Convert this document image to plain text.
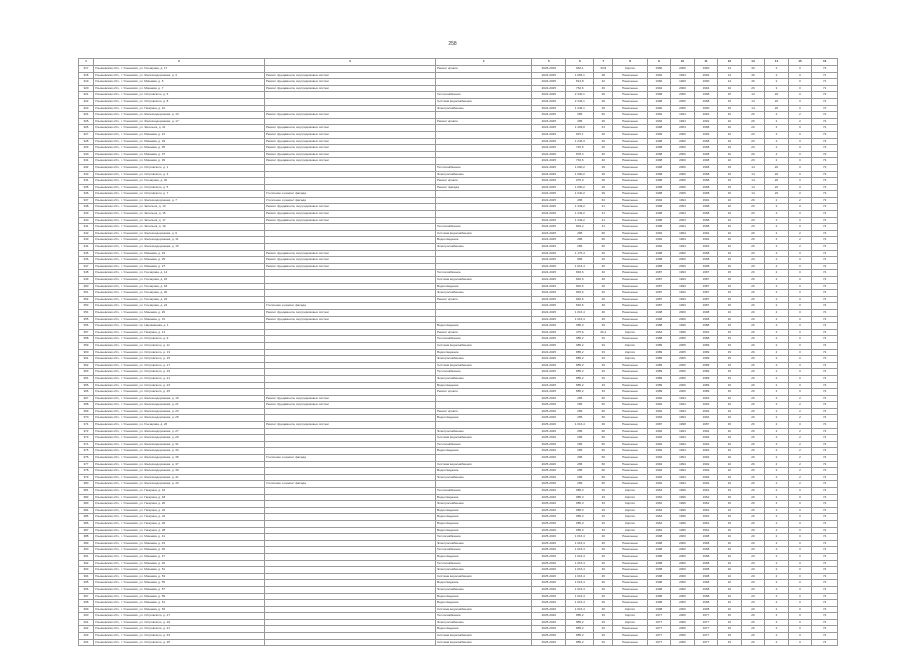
258
1	2	3	4	5	6	7	8	9	10	11	12	13	14	15	16
317	Ульяновская обл., г. Ульяновск, ул. Гончарова, д. 17		Ремонт кровли	2025-2026	962,1	33,8	Кирпич	1960	2006	1960	13	30	2	0	73
318	Ульяновская обл., г. Ульяновск, ул. Железнодорожная, д. 3	Ремонт фундамента, внутридомовых систем		2024-2025	1 066,1	28	Панельные	1992	1994	1992	14	46	2	0	71
319	Ульяновская обл., г. Ульяновск, ул. Минаева, д. 5	Ремонт фундамента, внутридомовых систем		2024-2025	813,8	22	Панельные	1990	1990	1990	14	46	2	0	71
320	Ульяновская обл., г. Ульяновск, ул. Минаева, д. 7	Ремонт фундамента, внутридомовых систем		2024-2025	762,6	46	Панельные	1994	2000	1994	10	20	3	0	71
321	Ульяновская обл., г. Ульяновск, ул. Островского, д. 6		Теплоснабжение	2024-2025	2 340,1	29	Панельные	1998	2006	1998	15	14	20	0	72
322	Ульяновская обл., г. Ульяновск, ул. Островского, д. 8		Система водоснабжения	2024-2025	2 346,1	29	Панельные	1998	2006	1998	15	14	20	0	72
323	Ульяновская обл., г. Ульяновск, ул. Гагарина, д. 10		Электроснабжение	2024-2025	1 346,1	29	Панельные	1990	2006	1990	15	14	20	0	72
324	Ульяновская обл., г. Ульяновск, ул. Железнодорожная, д. 13	Ремонт фундамента, внутридомовых систем		2024-2025	286	60	Панельные	1992	1994	1992	10	26	2	2	72
325	Ульяновская обл., г. Ульяновск, ул. Железнодорожная, д. 17		Ремонт кровли	2024-2025	286	26	Панельные	1992	1994	1992	10	26	2	2	72
326	Ульяновская обл., г. Ульяновск, ул. Энгельса, д. 21	Ремонт фундамента, внутридомовых систем		2024-2025	1 499,8	41	Панельные	1998	2004	1998	10	20	2	0	72
327	Ульяновская обл., г. Ульяновск, ул. Минаева, д. 21	Ремонт фундамента, внутридомовых систем		2024-2025	997,1	49	Панельные	1999	2006	1999	10	20	2	0	73
328	Ульяновская обл., г. Ульяновск, ул. Минаева, д. 33	Ремонт фундамента, внутридомовых систем		2024-2025	1 246,3	46	Панельные	1998	2000	1998	10	20	2	0	73
329	Ульяновская обл., г. Ульяновск, ул. Минаева, д. 35	Ремонт фундамента, внутридомовых систем		2024-2025	746,6	40	Панельные	1998	2000	1998	10	20	2	0	73
330	Ульяновская обл., г. Ульяновск, ул. Минаева, д. 37	Ремонт фундамента, внутридомовых систем		2024-2025	878,4	46	Панельные	1998	2000	1998	10	20	2	0	73
331	Ульяновская обл., г. Ульяновск, ул. Минаева, д. 39	Ремонт фундамента, внутридомовых систем		2024-2025	746,6	40	Панельные	1998	2000	1998	10	20	2	0	73
332	Ульяновская обл., г. Ульяновск, ул. Островского, д. 1		Теплоснабжение	2024-2025	1 090,2	29	Панельные	1998	2006	1998	15	14	20	0	73
333	Ульяновская обл., г. Ульяновск, ул. Островского, д. 3		Электроснабжение	2024-2025	1 090,2	29	Панельные	1998	2006	1998	15	14	20	0	73
334	Ульяновская обл., г. Ульяновск, ул. Гончарова, д. 32		Ремонт кровли	2024-2025	975,0	36	Панельные	1998	2006	1998	15	14	20	0	73
335	Ульяновская обл., г. Ульяновск, ул. Островского, д. 5		Ремонт фасада	2024-2025	1 090,2	29	Панельные	1998	2006	1998	15	14	20	0	73
336	Ульяновская обл., г. Ульяновск, ул. Островского, д. 7	Утепление и ремонт фасада		2024-2025	1 040,2	29	Панельные	1998	2006	1998	15	14	20	0	73
337	Ульяновская обл., г. Ульяновск, ул. Железнодорожная, д. 7	Утепление и ремонт фасада		2024-2025	286	64	Панельные	1992	1994	1992	10	26	2	2	73
338	Ульяновская обл., г. Ульяновск, ул. Энгельса, д. 13	Ремонт фундамента, внутридомовых систем		2024-2025	1 349,2	41	Панельные	1998	2004	1998	10	20	2	0	74
339	Ульяновская обл., г. Ульяновск, ул. Энгельса, д. 15	Ремонт фундамента, внутридомовых систем		2024-2025	1 349,2	41	Панельные	1998	2004	1998	10	20	2	0	74
340	Ульяновская обл., г. Ульяновск, ул. Энгельса, д. 17	Ремонт фундамента, внутридомовых систем		2024-2025	1 349,2	41	Панельные	1998	2004	1998	10	20	2	0	74
341	Ульяновская обл., г. Ульяновск, ул. Энгельса, д. 19		Теплоснабжение	2024-2025	849,2	41	Панельные	1998	2004	1998	10	20	2	0	74
342	Ульяновская обл., г. Ульяновск, ул. Железнодорожная, д. 9		Система водоснабжения	2024-2025	286	60	Панельные	1992	1994	1992	10	26	2	2	74
343	Ульяновская обл., г. Ульяновск, ул. Железнодорожная, д. 11		Водоотведение	2024-2025	286	60	Панельные	1992	1994	1992	10	26	2	2	74
344	Ульяновская обл., г. Ульяновск, ул. Железнодорожная, д. 15		Электроснабжение	2024-2025	286	60	Панельные	1992	1994	1992	10	26	2	2	74
345	Ульяновская обл., г. Ульяновск, ул. Минаева, д. 23	Ремонт фундамента, внутридомовых систем		2024-2025	1 176,4	40	Панельные	1998	2000	1998	10	20	2	0	74
346	Ульяновская обл., г. Ульяновск, ул. Минаева, д. 25	Ремонт фундамента, внутридомовых систем		2024-2025	986	46	Панельные	1998	2000	1998	10	20	2	0	74
347	Ульяновская обл., г. Ульяновск, ул. Минаева, д. 27	Ремонт фундамента, внутридомовых систем		2024-2025	1 016,4	46	Панельные	1998	2000	1998	10	20	2	0	74
348	Ульяновская обл., г. Ульяновск, ул. Гончарова, д. 14		Теплоснабжение	2024-2025	846,6	40	Панельные	1987	1993	1987	15	26	2	0	74
349	Ульяновская обл., г. Ульяновск, ул. Гончарова, д. 16		Система водоснабжения	2024-2025	846,6	40	Панельные	1987	1993	1987	15	26	2	0	74
350	Ульяновская обл., г. Ульяновск, ул. Гончарова, д. 18		Водоотведение	2024-2025	846,6	40	Панельные	1987	1993	1987	15	26	2	0	74
351	Ульяновская обл., г. Ульяновск, ул. Гончарова, д. 20		Электроснабжение	2024-2025	846,6	40	Панельные	1987	1993	1987	15	26	2	0	74
352	Ульяновская обл., г. Ульяновск, ул. Гончарова, д. 22		Ремонт кровли	2024-2025	846,6	40	Панельные	1987	1993	1987	15	26	2	0	74
353	Ульяновская обл., г. Ульяновск, ул. Гончарова, д. 24	Утепление и ремонт фасада		2024-2025	846,6	40	Панельные	1987	1993	1987	15	26	2	0	74
354	Ульяновская обл., г. Ульяновск, ул. Минаева, д. 29	Ремонт фундамента, внутридомовых систем		2024-2025	1 016,4	46	Панельные	1998	2000	1998	10	20	2	0	74
355	Ульяновская обл., г. Ульяновск, ул. Минаева, д. 31	Ремонт фундамента, внутридомовых систем		2024-2025	1 016,4	46	Панельные	1998	2000	1998	10	20	2	0	74
356	Ульяновская обл., г. Ульяновск, пр. Нариманова, д. 1		Водоотведение	2024-2025	985,3	33	Панельные	1988	1996	1988	15	26	2	0	74
357	Ульяновская обл., г. Ульяновск, ул. Гагарина, д. 14		Ремонт кровли	2024-2025	375,6	26,4	Кирпич	1962	1996	1962	15	26	2	0	74
358	Ульяновская обл., г. Ульяновск, ул. Островского, д. 9		Теплоснабжение	2024-2025	985,2	33	Панельные	1988	2005	1988	15	26	2	0	74
359	Ульяновская обл., г. Ульяновск, ул. Островского, д. 11		Система водоснабжения	2024-2025	985,2	33	Кирпич	1989	2005	1989	15	26	2	0	74
360	Ульяновская обл., г. Ульяновск, ул. Островского, д. 13		Водоотведение	2024-2025	885,2	33	Кирпич	1989	2005	1989	15	26	2	0	74
361	Ульяновская обл., г. Ульяновск, ул. Островского, д. 15		Электроснабжение	2024-2025	885,2	33	Кирпич	1989	2005	1989	15	26	2	0	74
362	Ульяновская обл., г. Ульяновск, ул. Островского, д. 17		Система водоснабжения	2024-2025	885,2	33	Панельные	1989	2006	1989	15	26	2	0	74
363	Ульяновская обл., г. Ульяновск, ул. Островского, д. 19		Теплоснабжение	2024-2025	885,2	33	Панельные	1989	2006	1989	15	26	2	0	74
364	Ульяновская обл., г. Ульяновск, ул. Островского, д. 21		Электроснабжение	2024-2025	885,2	33	Панельные	1989	2006	1989	15	26	2	0	74
365	Ульяновская обл., г. Ульяновск, ул. Островского, д. 23		Водоотведение	2024-2025	885,2	33	Панельные	1989	2006	1989	15	26	2	0	74
366	Ульяновская обл., г. Ульяновск, ул. Островского, д. 25		Ремонт кровли	2024-2025	885,2	33	Панельные	1989	2006	1989	15	26	2	0	74
367	Ульяновская обл., г. Ульяновск, ул. Железнодорожная, д. 19	Ремонт фундамента, внутридомовых систем		2025-2026	286	60	Панельные	1992	1994	1992	10	26	2	2	74
368	Ульяновская обл., г. Ульяновск, ул. Железнодорожная, д. 21	Ремонт фундамента, внутридомовых систем		2025-2026	286	60	Панельные	1992	1994	1992	10	26	2	2	74
369	Ульяновская обл., г. Ульяновск, ул. Железнодорожная, д. 23		Ремонт кровли	2025-2026	286	60	Панельные	1992	1994	1992	10	26	2	2	74
370	Ульяновская обл., г. Ульяновск, ул. Железнодорожная, д. 25		Водоотведение	2025-2026	286	60	Панельные	1992	1994	1992	10	26	2	2	74
371	Ульяновская обл., г. Ульяновск, ул. Гончарова, д. 26	Ремонт фундамента, внутридомовых систем		2025-2026	1 016,4	46	Панельные	1987	1998	1987	15	26	2	0	74
372	Ульяновская обл., г. Ульяновск, ул. Железнодорожная, д. 27		Электроснабжение	2025-2026	286	60	Панельные	1992	1994	1992	10	26	2	2	74
373	Ульяновская обл., г. Ульяновск, ул. Железнодорожная, д. 29		Система водоснабжения	2025-2026	286	60	Панельные	1992	1994	1992	10	26	2	2	74
374	Ульяновская обл., г. Ульяновск, ул. Железнодорожная, д. 31		Теплоснабжение	2025-2026	286	60	Панельные	1992	1994	1992	10	26	2	2	74
375	Ульяновская обл., г. Ульяновск, ул. Железнодорожная, д. 33		Водоотведение	2025-2026	286	60	Панельные	1992	1994	1992	10	26	2	2	74
376	Ульяновская обл., г. Ульяновск, ул. Железнодорожная, д. 35	Утепление и ремонт фасада		2025-2026	286	60	Панельные	1992	1994	1992	10	26	2	2	74
377	Ульяновская обл., г. Ульяновск, ул. Железнодорожная, д. 37		Система водоснабжения	2025-2026	286	60	Панельные	1992	1994	1992	10	26	2	2	74
378	Ульяновская обл., г. Ульяновск, ул. Железнодорожная, д. 39		Водоотведение	2025-2026	286	60	Панельные	1992	1994	1992	10	26	2	2	74
379	Ульяновская обл., г. Ульяновск, ул. Железнодорожная, д. 41		Электроснабжение	2025-2026	286	60	Панельные	1992	1994	1992	10	26	2	2	74
380	Ульяновская обл., г. Ульяновск, ул. Железнодорожная, д. 43	Утепление и ремонт фасада		2025-2026	286	60	Панельные	1992	1994	1992	10	26	2	2	74
381	Ульяновская обл., г. Ульяновск, ул. Гагарина, д. 16		Теплоснабжение	2025-2026	985,3	33	Кирпич	1962	1996	1962	15	26	2	0	74
382	Ульяновская обл., г. Ульяновск, ул. Гагарина, д. 18		Водоотведение	2025-2026	985,3	33	Кирпич	1962	1996	1962	15	26	2	0	74
383	Ульяновская обл., г. Ульяновск, ул. Гагарина, д. 20		Электроснабжение	2025-2026	985,3	33	Кирпич	1962	1996	1962	15	26	2	0	74
384	Ульяновская обл., г. Ульяновск, ул. Гагарина, д. 22		Водоотведение	2025-2026	985,3	33	Кирпич	1962	1996	1962	15	26	2	0	74
385	Ульяновская обл., г. Ульяновск, ул. Гагарина, д. 24		Водоотведение	2025-2026	985,3	33	Кирпич	1962	1996	1962	15	26	2	0	74
386	Ульяновская обл., г. Ульяновск, ул. Гагарина, д. 26		Водоотведение	2025-2026	985,3	33	Кирпич	1962	1996	1962	15	26	2	0	74
387	Ульяновская обл., г. Ульяновск, ул. Гагарина, д. 28		Водоотведение	2025-2026	985,3	33	Кирпич	1962	1996	1962	15	26	2	0	74
388	Ульяновская обл., г. Ульяновск, ул. Минаева, д. 41		Теплоснабжение	2025-2026	1 016,4	46	Панельные	1998	2000	1998	10	20	2	0	74
389	Ульяновская обл., г. Ульяновск, ул. Минаева, д. 43		Электроснабжение	2025-2026	1 016,4	46	Панельные	1998	2000	1998	10	20	2	0	74
390	Ульяновская обл., г. Ульяновск, ул. Минаева, д. 45		Теплоснабжение	2025-2026	1 016,4	46	Панельные	1998	2000	1998	10	20	2	0	74
391	Ульяновская обл., г. Ульяновск, ул. Минаева, д. 47		Водоотведение	2025-2026	1 016,4	46	Панельные	1998	2000	1998	10	20	2	0	74
392	Ульяновская обл., г. Ульяновск, ул. Минаева, д. 49		Теплоснабжение	2025-2026	1 016,4	46	Панельные	1998	2000	1998	10	20	2	0	74
393	Ульяновская обл., г. Ульяновск, ул. Минаева, д. 51		Электроснабжение	2025-2026	1 016,4	46	Панельные	1998	2000	1998	10	20	2	0	74
394	Ульяновская обл., г. Ульяновск, ул. Минаева, д. 53		Система водоснабжения	2025-2026	1 016,4	46	Панельные	1998	2000	1998	10	20	2	0	74
395	Ульяновская обл., г. Ульяновск, ул. Минаева, д. 55		Водоотведение	2025-2026	1 016,4	46	Панельные	1998	2000	1998	10	20	2	0	74
396	Ульяновская обл., г. Ульяновск, ул. Минаева, д. 57		Электроснабжение	2025-2026	1 016,4	46	Панельные	1998	2000	1998	10	20	2	0	74
397	Ульяновская обл., г. Ульяновск, ул. Минаева, д. 59		Водоотведение	2025-2026	1 016,4	46	Панельные	1998	2000	1998	10	20	2	0	74
398	Ульяновская обл., г. Ульяновск, ул. Минаева, д. 61		Водоотведение	2025-2026	1 016,4	46	Панельные	1998	2000	1998	10	20	2	0	74
399	Ульяновская обл., г. Ульяновск, ул. Минаева, д. 63		Система водоснабжения	2025-2026	1 016,4	46	Кирпич	1998	2000	1998	10	20	2	0	74
400	Ульяновская обл., г. Ульяновск, ул. Островского, д. 27		Теплоснабжение	2025-2026	885,2	33	Кирпич	1977	2006	1977	15	26	2	0	74
401	Ульяновская обл., г. Ульяновск, ул. Островского, д. 29		Электроснабжение	2025-2026	885,2	33	Кирпич	1977	2006	1977	15	26	2	0	74
402	Ульяновская обл., г. Ульяновск, ул. Островского, д. 31		Водоотведение	2025-2026	885,2	33	Панельные	1977	2006	1977	15	26	2	0	74
403	Ульяновская обл., г. Ульяновск, ул. Островского, д. 33		Система водоснабжения	2025-2026	885,2	33	Панельные	1977	2006	1977	15	26	2	0	74
404	Ульяновская обл., г. Ульяновск, ул. Островского, д. 35		Система водоснабжения	2025-2026	885,2	33	Панельные	1977	2006	1977	15	26	2	0	74
